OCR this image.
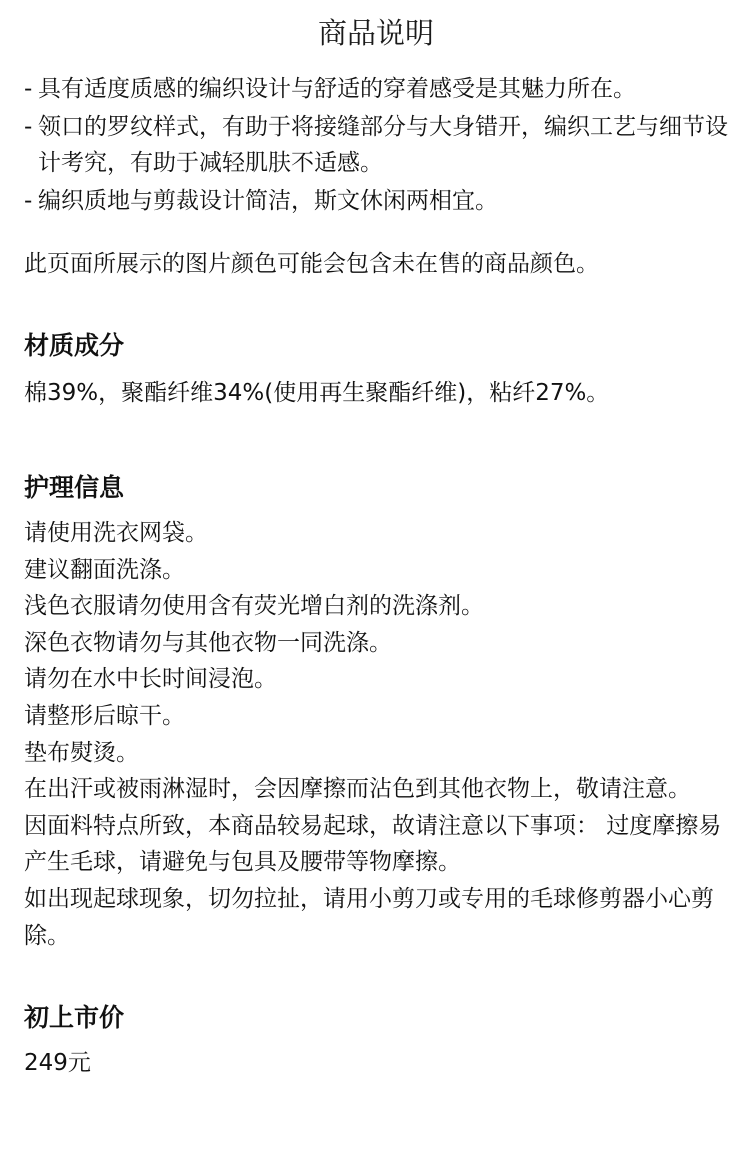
商品说明
- 具有适度质感的编织设计与舒适的穿着感受是其魅力所在。
- 领口的罗纹样式，有助于将接缝部分与大身错开，编织工艺与细节设计考究，有助于减轻肌肤不适感。
- 编织质地与剪裁设计简洁，斯文休闲两相宜。

此页面所展示的图片颜色可能会包含未在售的商品颜色。

材质成分

棉39%，聚酯纤维34%(使用再生聚酯纤维)，粘纤27%。

护理信息

请使用洗衣网袋。

建议翻面洗涤。

浅色衣服请勿使用含有荧光增白剂的洗涤剂。

深色衣物请勿与其他衣物一同洗涤。

请勿在水中长时间浸泡。

请整形后晾干。

垫布熨烫。

在出汗或被雨淋湿时，会因摩擦而沾色到其他衣物上，敬请注意。

因面料特点所致，本商品较易起球，故请注意以下事项： 过度摩擦易产生毛球，请避免与包具及腰带等物摩擦。

如出现起球现象，切勿拉扯，请用小剪刀或专用的毛球修剪器小心剪除。

初上市价

249元
